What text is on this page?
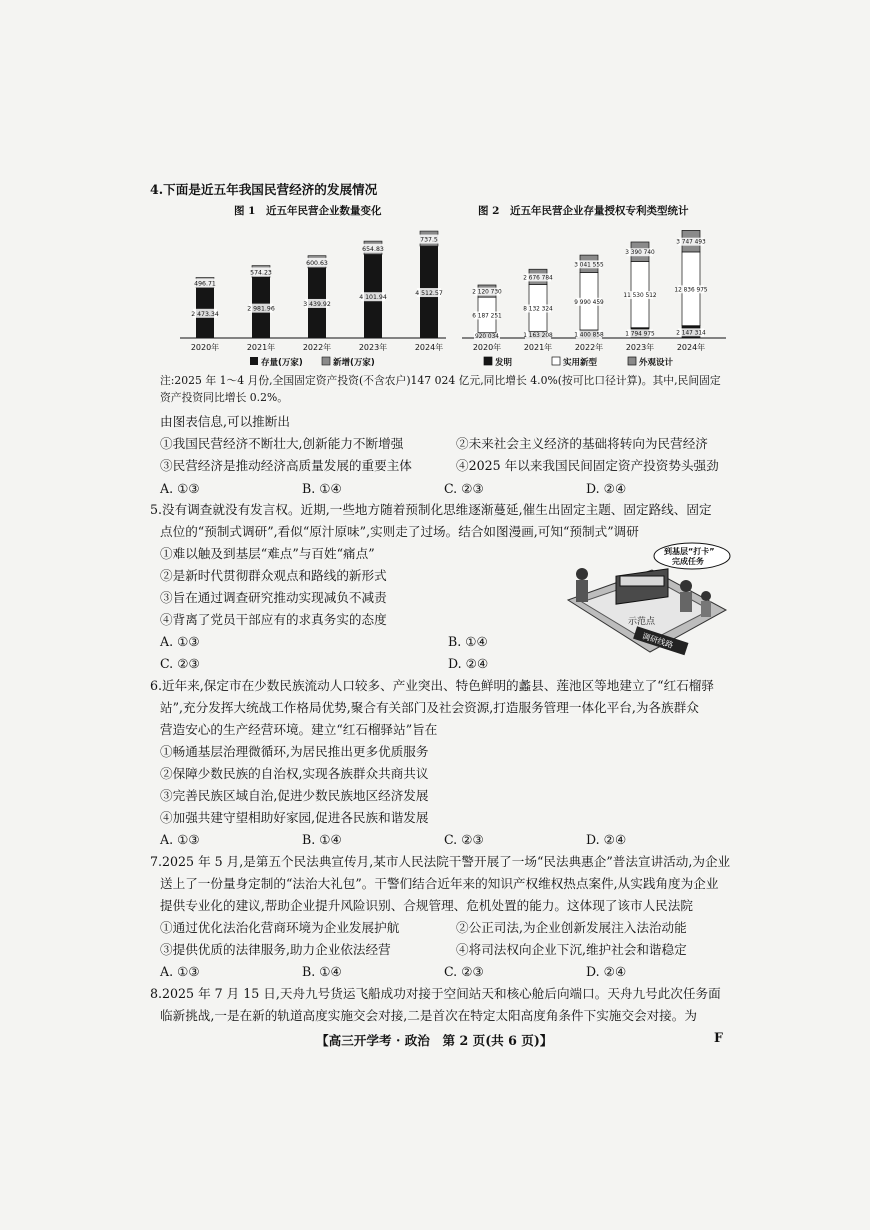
4.下面是近五年我国民营经济的发展情况
图 1　近五年民营企业数量变化	图 2　近五年民营企业存量授权专利类型统计
2 473.34
496.71
2020年
2 981.96
574.23
2021年
3 439.92
600.63
2022年
4 101.94
654.83
2023年
4 512.57
737.5
2024年
存量(万家)	新增(万家)
920 034
6 187 251
2 120 730
2020年
1 163 208
8 132 324
2 676 784
2021年
1 400 858
9 990 459
3 041 555
2022年
1 794 975
11 530 512
3 390 740
2023年
2 147 314
12 836 975
3 747 493
2024年
发明	实用新型	外观设计
注:2025 年 1～4 月份,全国固定资产投资(不含农户)147 024 亿元,同比增长 4.0%(按可比口径计算)。其中,民间固定
资产投资同比增长 0.2%。
由图表信息,可以推断出
①我国民营经济不断壮大,创新能力不断增强	②未来社会主义经济的基础将转向为民营经济
③民营经济是推动经济高质量发展的重要主体	④2025 年以来我国民间固定资产投资势头强劲
A. ①③	B. ①④	C. ②③	D. ②④
5.没有调查就没有发言权。近期,一些地方随着预制化思维逐渐蔓延,催生出固定主题、固定路线、固定
点位的“预制式调研”,看似“原汁原味”,实则走了过场。结合如图漫画,可知“预制式”调研
①难以触及到基层“难点”与百姓“痛点”
②是新时代贯彻群众观点和路线的新形式
③旨在通过调查研究推动实现减负不减责
④背离了党员干部应有的求真务实的态度
A. ①③	B. ①④
C. ②③	D. ②④
示范点
到基层“打卡”
完成任务
调研线路
6.近年来,保定市在少数民族流动人口较多、产业突出、特色鲜明的蠡县、莲池区等地建立了“红石榴驿
站”,充分发挥大统战工作格局优势,聚合有关部门及社会资源,打造服务管理一体化平台,为各族群众
营造安心的生产经营环境。建立“红石榴驿站”旨在
①畅通基层治理微循环,为居民推出更多优质服务
②保障少数民族的自治权,实现各族群众共商共议
③完善民族区域自治,促进少数民族地区经济发展
④加强共建守望相助好家园,促进各民族和谐发展
A. ①③	B. ①④	C. ②③	D. ②④
7.2025 年 5 月,是第五个民法典宣传月,某市人民法院干警开展了一场“民法典惠企”普法宣讲活动,为企业
送上了一份量身定制的“法治大礼包”。干警们结合近年来的知识产权维权热点案件,从实践角度为企业
提供专业化的建议,帮助企业提升风险识别、合规管理、危机处置的能力。这体现了该市人民法院
①通过优化法治化营商环境为企业发展护航	②公正司法,为企业创新发展注入法治动能
③提供优质的法律服务,助力企业依法经营	④将司法权向企业下沉,维护社会和谐稳定
A. ①③	B. ①④	C. ②③	D. ②④
8.2025 年 7 月 15 日,天舟九号货运飞船成功对接于空间站天和核心舱后向端口。天舟九号此次任务面
临新挑战,一是在新的轨道高度实施交会对接,二是首次在特定太阳高度角条件下实施交会对接。为
【高三开学考 · 政治　第 2 页(共 6 页)】	F
